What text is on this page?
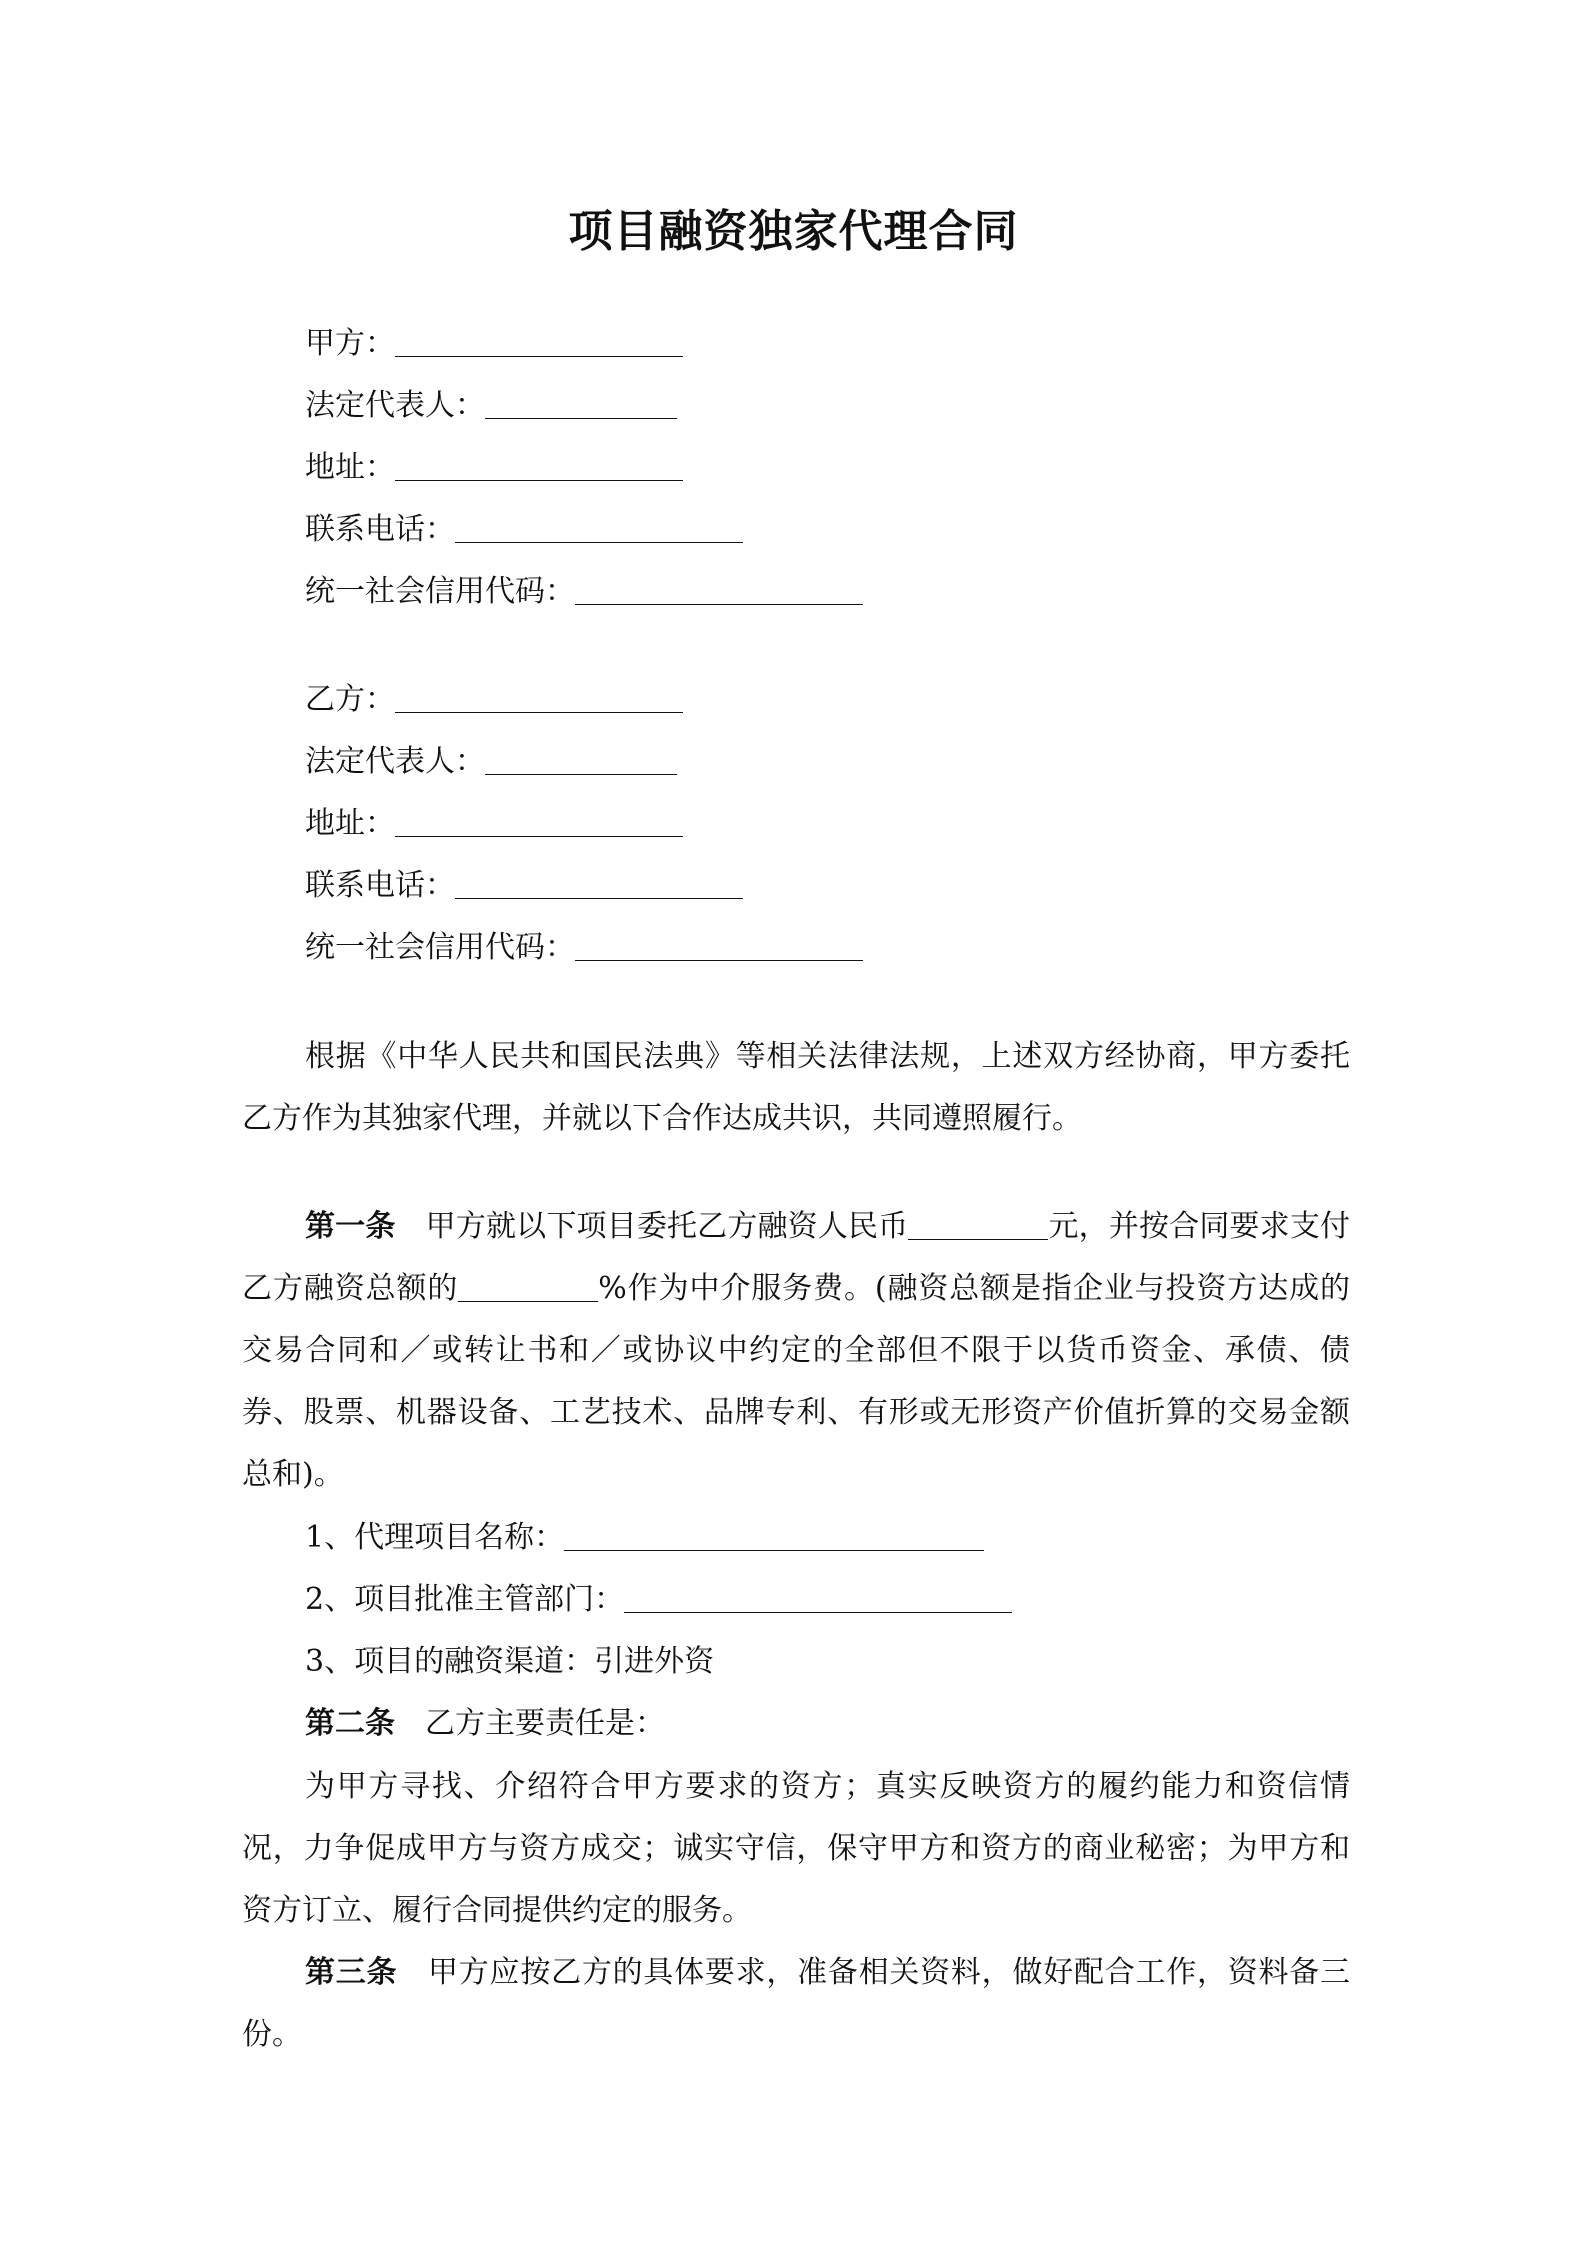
项目融资独家代理合同
甲方：
法定代表人：
地址：
联系电话：
统一社会信用代码：
乙方：
法定代表人：
地址：
联系电话：
统一社会信用代码：

根据《中华人民共和国民法典》等相关法律法规，上述双方经协商，甲方委托乙方作为其独家代理，并就以下合作达成共识，共同遵照履行。

第一条　 甲方就以下项目委托乙方融资人民币	元，并按合同要求支付乙方融资总额的	%作为中介服务费。(融资总额是指企业与投资方达成的交易合同和／或转让书和／或协议中约定的全部但不限于以货币资金、承债、债券、股票、机器设备、工艺技术、品牌专利、有形或无形资产价值折算的交易金额总和)。

1、代理项目名称：
2、项目批准主管部门：
3、项目的融资渠道：引进外资
第二条　 乙方主要责任是：

为甲方寻找、介绍符合甲方要求的资方；真实反映资方的履约能力和资信情况，力争促成甲方与资方成交；诚实守信，保守甲方和资方的商业秘密；为甲方和资方订立、履行合同提供约定的服务。

第三条　 甲方应按乙方的具体要求，准备相关资料，做好配合工作，资料备三份。
